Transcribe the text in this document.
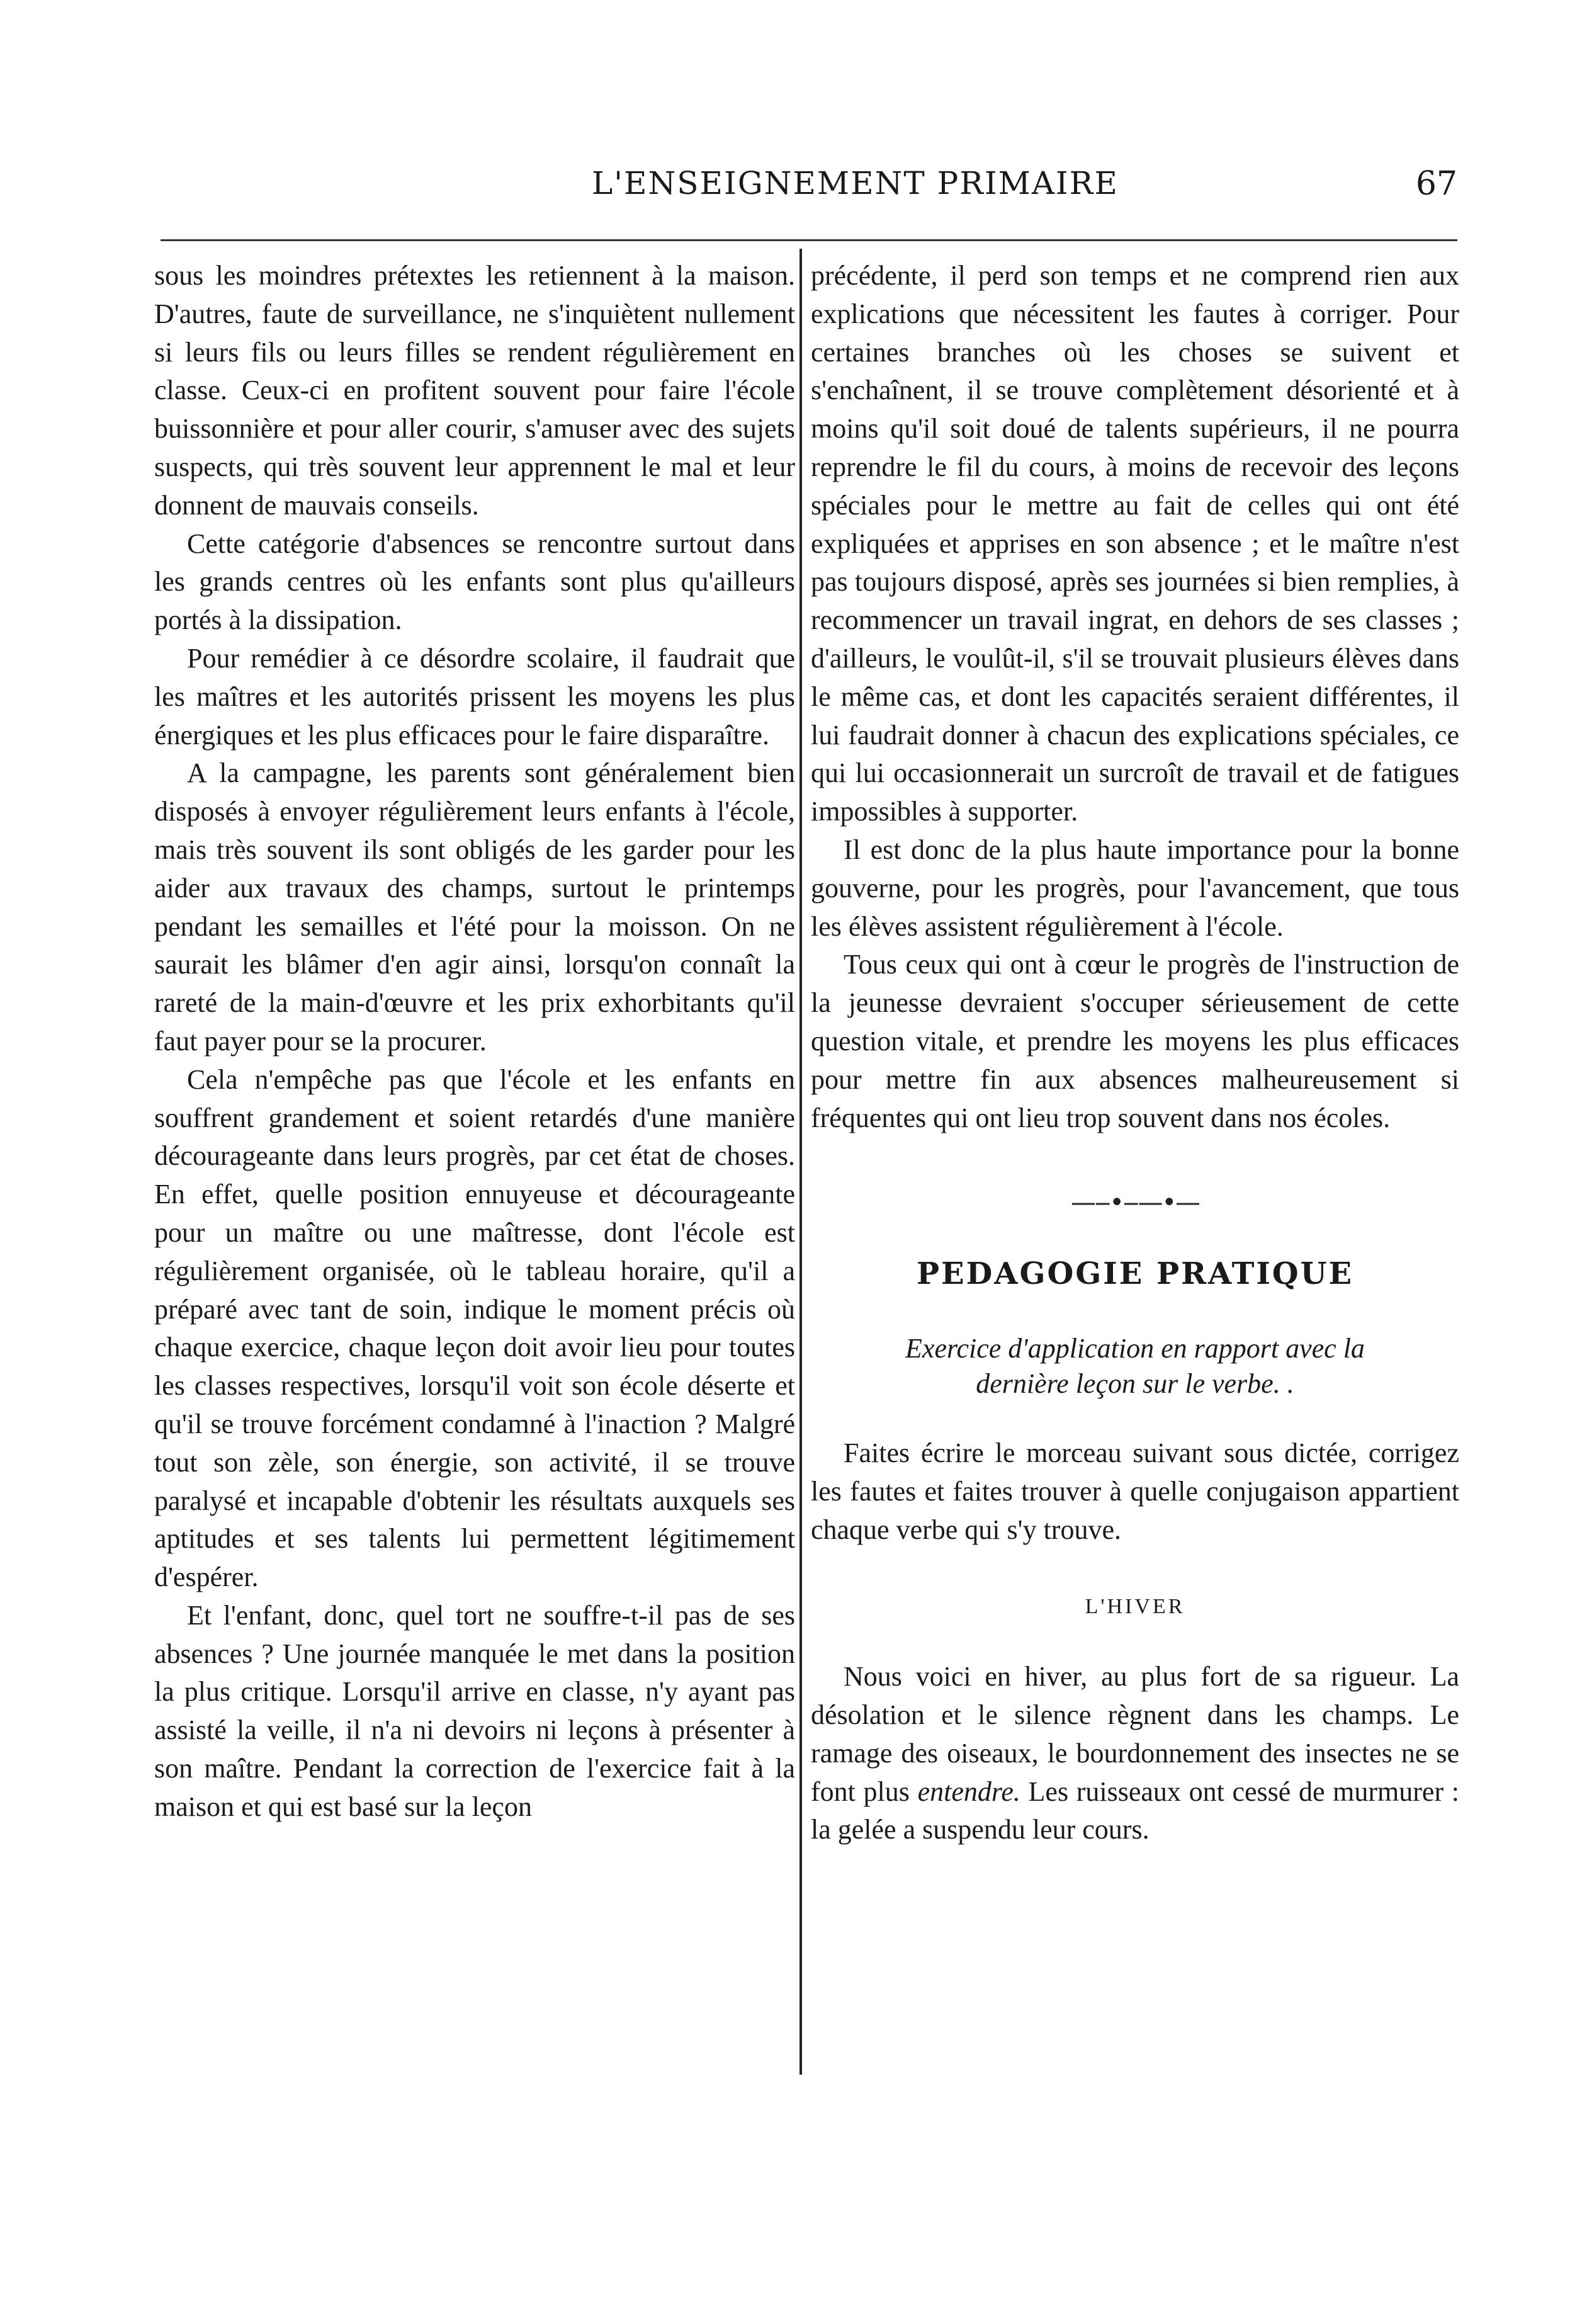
L'ENSEIGNEMENT PRIMAIRE	67

sous les moindres prétextes les retiennent à la maison. D'autres, faute de surveillance, ne s'inquiètent nullement si leurs fils ou leurs filles se rendent régulièrement en classe. Ceux-ci en profitent souvent pour faire l'école buissonnière et pour aller courir, s'amuser avec des sujets suspects, qui très souvent leur apprennent le mal et leur donnent de mauvais conseils.

Cette catégorie d'absences se rencontre surtout dans les grands centres où les enfants sont plus qu'ailleurs portés à la dissipation.

Pour remédier à ce désordre scolaire, il faudrait que les maîtres et les autorités prissent les moyens les plus énergiques et les plus efficaces pour le faire disparaître.

A la campagne, les parents sont généralement bien disposés à envoyer régulièrement leurs enfants à l'école, mais très souvent ils sont obligés de les garder pour les aider aux travaux des champs, surtout le printemps pendant les semailles et l'été pour la moisson. On ne saurait les blâmer d'en agir ainsi, lorsqu'on connaît la rareté de la main-d'œuvre et les prix exhorbitants qu'il faut payer pour se la procurer.

Cela n'empêche pas que l'école et les enfants en souffrent grandement et soient retardés d'une manière décourageante dans leurs progrès, par cet état de choses. En effet, quelle position ennuyeuse et décourageante pour un maître ou une maîtresse, dont l'école est régulièrement organisée, où le tableau horaire, qu'il a préparé avec tant de soin, indique le moment précis où chaque exercice, chaque leçon doit avoir lieu pour toutes les classes respectives, lorsqu'il voit son école déserte et qu'il se trouve forcément condamné à l'inaction ? Malgré tout son zèle, son énergie, son activité, il se trouve paralysé et incapable d'obtenir les résultats auxquels ses aptitudes et ses talents lui permettent légitimement d'espérer.

Et l'enfant, donc, quel tort ne souffre-t-il pas de ses absences ? Une journée manquée le met dans la position la plus critique. Lorsqu'il arrive en classe, n'y ayant pas assisté la veille, il n'a ni devoirs ni leçons à présenter à son maître. Pendant la correction de l'exercice fait à la maison et qui est basé sur la leçon

précédente, il perd son temps et ne comprend rien aux explications que nécessitent les fautes à corriger. Pour certaines branches où les choses se suivent et s'enchaînent, il se trouve complètement désorienté et à moins qu'il soit doué de talents supérieurs, il ne pourra reprendre le fil du cours, à moins de recevoir des leçons spéciales pour le mettre au fait de celles qui ont été expliquées et apprises en son absence ; et le maître n'est pas toujours disposé, après ses journées si bien remplies, à recommencer un travail ingrat, en dehors de ses classes ; d'ailleurs, le voulût-il, s'il se trouvait plusieurs élèves dans le même cas, et dont les capacités seraient différentes, il lui faudrait donner à chacun des explications spéciales, ce qui lui occasionnerait un surcroît de travail et de fatigues impossibles à supporter.

Il est donc de la plus haute importance pour la bonne gouverne, pour les progrès, pour l'avancement, que tous les élèves assistent régulièrement à l'école.

Tous ceux qui ont à cœur le progrès de l'instruction de la jeunesse devraient s'occuper sérieusement de cette question vitale, et prendre les moyens les plus efficaces pour mettre fin aux absences malheureusement si fréquentes qui ont lieu trop souvent dans nos écoles.

—‒•‒—•—
PEDAGOGIE PRATIQUE
Exercice d'application en rapport avec la
dernière leçon sur le verbe. .

Faites écrire le morceau suivant sous dictée, corrigez les fautes et faites trouver à quelle conjugaison appartient chaque verbe qui s'y trouve.

L'HIVER

Nous voici en hiver, au plus fort de sa rigueur. La désolation et le silence règnent dans les champs. Le ramage des oiseaux, le bourdonnement des insectes ne se font plus entendre. Les ruisseaux ont cessé de murmurer : la gelée a suspendu leur cours.
